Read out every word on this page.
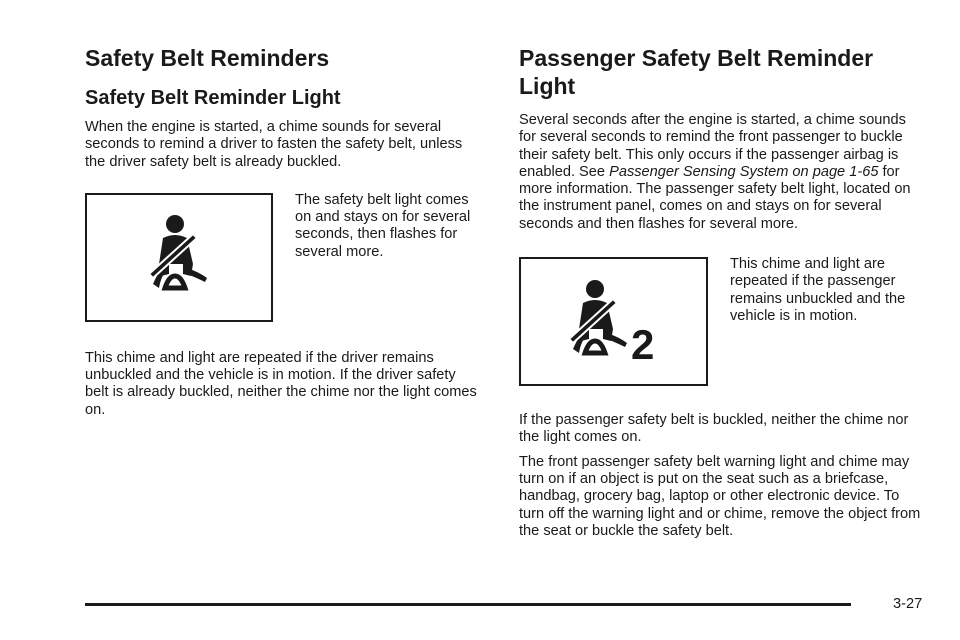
Safety Belt Reminders
Safety Belt Reminder Light

When the engine is started, a chime sounds for several seconds to remind a driver to fasten the safety belt, unless the driver safety belt is already buckled.

The safety belt light comes on and stays on for several seconds, then flashes for several more.

This chime and light are repeated if the driver remains unbuckled and the vehicle is in motion. If the driver safety belt is already buckled, neither the chime nor the light comes on.

Passenger Safety Belt Reminder Light

Several seconds after the engine is started, a chime sounds for several seconds to remind the front passenger to buckle their safety belt. This only occurs if the passenger airbag is enabled. See Passenger Sensing System on page 1-65 for more information. The passenger safety belt light, located on the instrument panel, comes on and stays on for several seconds and then flashes for several more.

2

This chime and light are repeated if the passenger remains unbuckled and the vehicle is in motion.

If the passenger safety belt is buckled, neither the chime nor the light comes on.

The front passenger safety belt warning light and chime may turn on if an object is put on the seat such as a briefcase, handbag, grocery bag, laptop or other electronic device. To turn off the warning light and or chime, remove the object from the seat or buckle the safety belt.

3-27
